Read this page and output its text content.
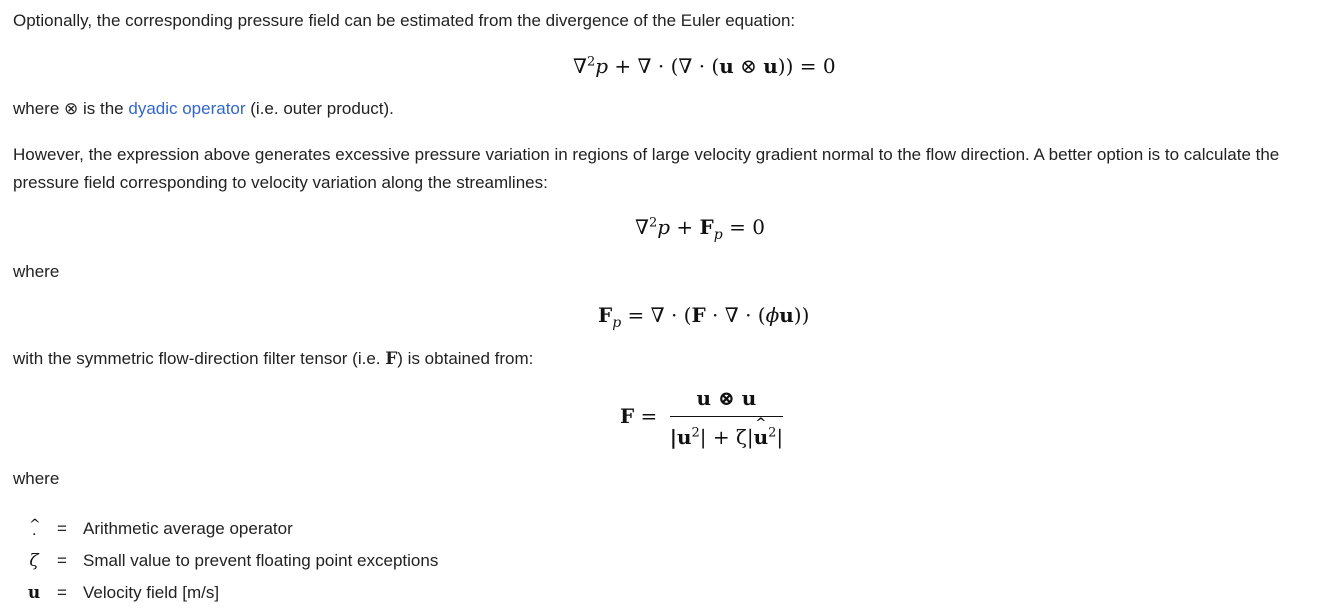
Optionally, the corresponding pressure field can be estimated from the divergence of the Euler equation:

∇$^2$p + ∇ · (∇ · (u ⊗ u)) = 0

where ⊗ is the dyadic operator (i.e. outer product).

However, the expression above generates excessive pressure variation in regions of large velocity gradient normal to the flow direction. A better option is to calculate the pressure field corresponding to velocity variation along the streamlines:

$\nabla^2p + F_p = 0$

where

$F_p$ = ∇ · (F · ∇ · (ϕu))

with the symmetric flow-direction filter tensor (i.e. F) is obtained from:

$F = \frac{u \otimes u}{|u^2| + \zeta|\^{} u^2|}$

where

^ .
= Arithmetic average operator
ζ	= Small value to prevent floating point exceptions
u = Velocity field [m/s]
